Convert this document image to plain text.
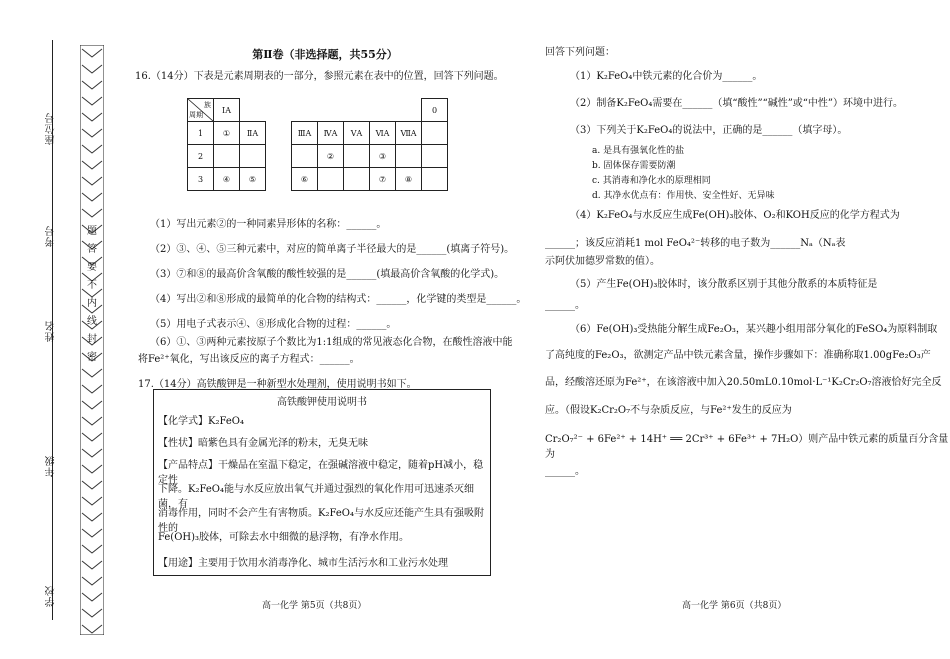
学校
年级
姓名
考号
座位号
题
答
要
不
内
线
封
密
第Ⅱ卷（非选择题，共55分）

16.（14分）下表是元素周期表的一部分，参照元素在表中的位置，回答下列问题。

族
周期	ⅠA								0
1	①	ⅡA		ⅢA	ⅣA	ⅤA	ⅥA	ⅦA	
2					②		③		
3	④	⑤		⑥			⑦	⑧	

（1）写出元素②的一种同素异形体的名称：______。

（2）③、④、⑤三种元素中，对应的简单离子半径最大的是______(填离子符号)。

（3）⑦和⑧的最高价含氧酸的酸性较强的是______(填最高价含氧酸的化学式)。

（4）写出②和⑧形成的最简单的化合物的结构式：______，化学键的类型是______。

（5）用电子式表示④、⑧形成化合物的过程：______。

（6）①、③两种元素按原子个数比为1:1组成的常见液态化合物，在酸性溶液中能

将Fe²⁺氧化，写出该反应的离子方程式：______。

17.（14分）高铁酸钾是一种新型水处理剂，使用说明书如下。

高铁酸钾使用说明书
【化学式】K₂FeO₄
【性状】暗紫色具有金属光泽的粉末，无臭无味
【产品特点】干燥品在室温下稳定，在强碱溶液中稳定，随着pH减小，稳定性
下降。K₂FeO₄能与水反应放出氧气并通过强烈的氧化作用可迅速杀灭细菌，有
消毒作用，同时不会产生有害物质。K₂FeO₄与水反应还能产生具有强吸附性的
Fe(OH)₃胶体，可除去水中细微的悬浮物，有净水作用。
【用途】主要用于饮用水消毒净化、城市生活污水和工业污水处理
高一化学 第5页（共8页）

回答下列问题：

（1）K₂FeO₄中铁元素的化合价为______。

（2）制备K₂FeO₄需要在______（填“酸性”“碱性”或“中性”）环境中进行。

（3）下列关于K₂FeO₄的说法中，正确的是______（填字母）。

a. 是具有强氧化性的盐

b. 固体保存需要防潮

c. 其消毒和净化水的原理相同

d. 其净水优点有：作用快、安全性好、无异味

（4）K₂FeO₄与水反应生成Fe(OH)₃胶体、O₂和KOH反应的化学方程式为

______；该反应消耗1 mol FeO₄²⁻转移的电子数为______Nₐ（Nₐ表

示阿伏加德罗常数的值）。

（5）产生Fe(OH)₃胶体时，该分散系区别于其他分散系的本质特征是

______。

（6）Fe(OH)₃受热能分解生成Fe₂O₃，某兴趣小组用部分氧化的FeSO₄为原料制取

了高纯度的Fe₂O₃，欲测定产品中铁元素含量，操作步骤如下：准确称取1.00gFe₂O₃产

品，经酸溶还原为Fe²⁺，在该溶液中加入20.50mL0.10mol·L⁻¹K₂Cr₂O₇溶液恰好完全反

应。（假设K₂Cr₂O₇不与杂质反应，与Fe²⁺发生的反应为

Cr₂O₇²⁻ + 6Fe²⁺ + 14H⁺ ══ 2Cr³⁺ + 6Fe³⁺ + 7H₂O）则产品中铁元素的质量百分含量为

______。

高一化学 第6页（共8页）
